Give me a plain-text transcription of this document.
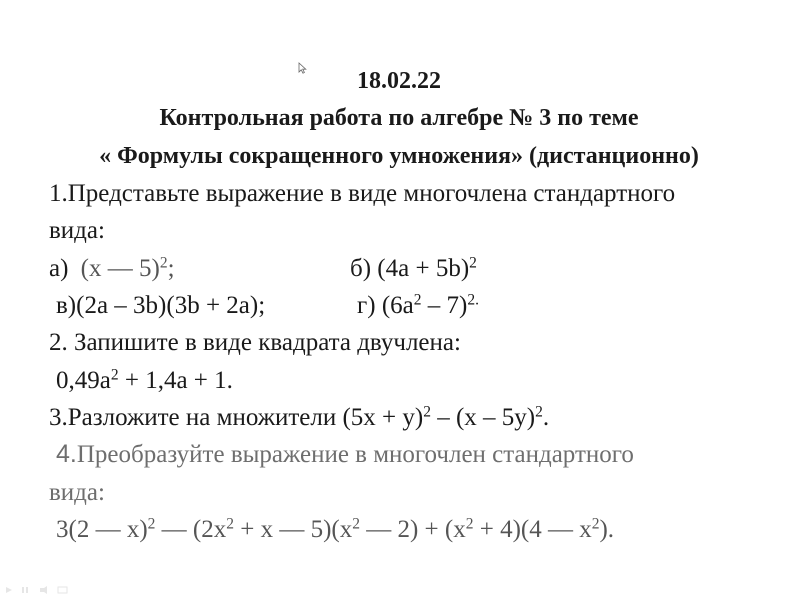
18.02.22
Контрольная работа по алгебре № 3 по теме
« Формулы сокращенного умножения» (дистанционно)
1.Представьте выражение в виде многочлена стандартного
вида:
а) (х — 5)$^2$;	б) $(4а + 5b)^2$
в)(2а – 3b)(3b + 2а);	г) $(6а^2 - 7)^{2.}$
2. Запишите в виде квадрата двучлена:
$0,49а^2 + 1,4а + 1$.
3.Разложите на множители $(5х + у)^2 - (х - 5у)^2$.
4.Преобразуйте выражение в многочлен стандартного
вида:
3(2 — х)$^2$ — ($2х^2 + х$ — $5)(х^2$ — $2) + (х^2 + 4)(4$ — $х^2$).
